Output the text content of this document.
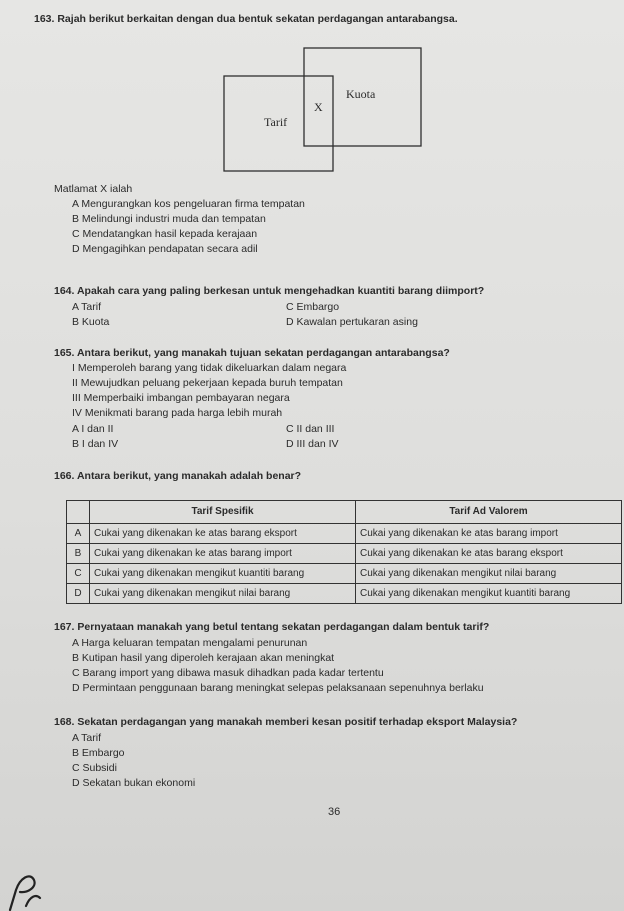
163. Rajah berikut berkaitan dengan dua bentuk sekatan perdagangan antarabangsa.
Tarif
X
Kuota
Matlamat X ialah
A Mengurangkan kos pengeluaran firma tempatan
B Melindungi industri muda dan tempatan
C Mendatangkan hasil kepada kerajaan
D Mengagihkan pendapatan secara adil
164. Apakah cara yang paling berkesan untuk mengehadkan kuantiti barang diimport?
A Tarif
B Kuota
C Embargo
D Kawalan pertukaran asing
165. Antara berikut, yang manakah tujuan sekatan perdagangan antarabangsa?
I Memperoleh barang yang tidak dikeluarkan dalam negara
II Mewujudkan peluang pekerjaan kepada buruh tempatan
III Memperbaiki imbangan pembayaran negara
IV Menikmati barang pada harga lebih murah
A I dan II
B I dan IV
C II dan III
D III dan IV
166. Antara berikut, yang manakah adalah benar?
	Tarif Spesifik	Tarif Ad Valorem
A	Cukai yang dikenakan ke atas barang eksport	Cukai yang dikenakan ke atas barang import
B	Cukai yang dikenakan ke atas barang import	Cukai yang dikenakan ke atas barang eksport
C	Cukai yang dikenakan mengikut kuantiti barang	Cukai yang dikenakan mengikut nilai barang
D	Cukai yang dikenakan mengikut nilai barang	Cukai yang dikenakan mengikut kuantiti barang
167. Pernyataan manakah yang betul tentang sekatan perdagangan dalam bentuk tarif?
A Harga keluaran tempatan mengalami penurunan
B Kutipan hasil yang diperoleh kerajaan akan meningkat
C Barang import yang dibawa masuk dihadkan pada kadar tertentu
D Permintaan penggunaan barang meningkat selepas pelaksanaan sepenuhnya berlaku
168. Sekatan perdagangan yang manakah memberi kesan positif terhadap eksport Malaysia?
A Tarif
B Embargo
C Subsidi
D Sekatan bukan ekonomi
36
